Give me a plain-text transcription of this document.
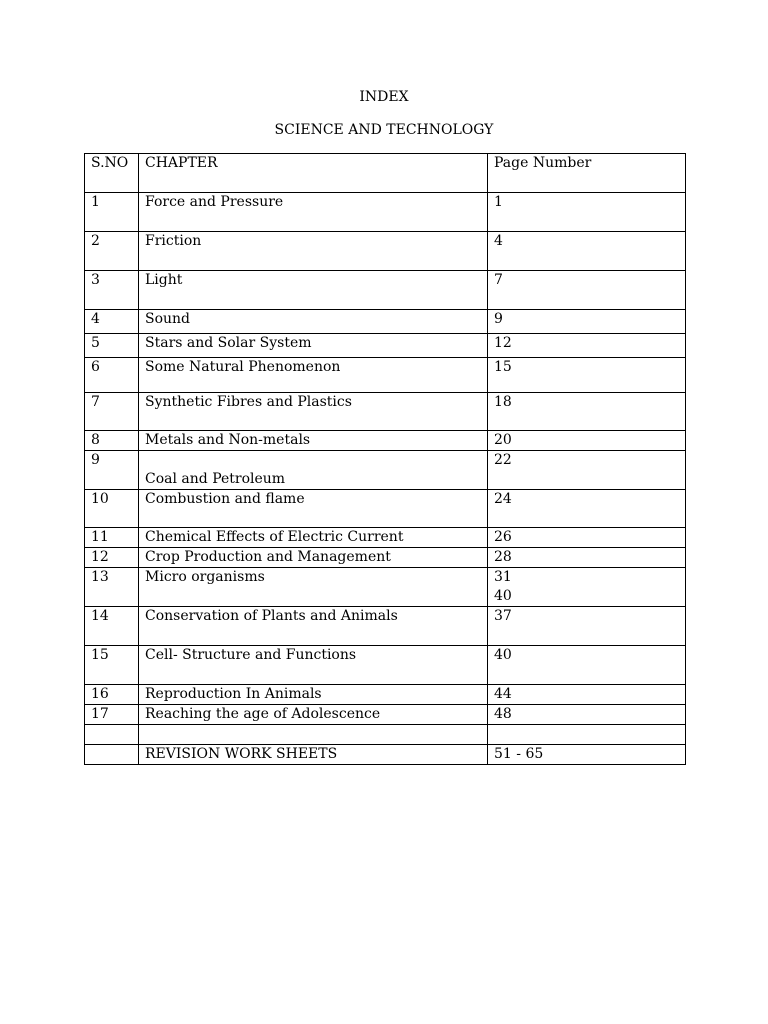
INDEX
SCIENCE AND TECHNOLOGY
S.NO	CHAPTER	Page Number
1	Force and Pressure	1
2	Friction	4
3	Light	7
4	Sound	9
5	Stars and Solar System	12
6	Some Natural Phenomenon	15
7	Synthetic Fibres and Plastics	18
8	Metals and Non-metals	20
9	Coal and Petroleum	22
10	Combustion and flame	24
11	Chemical Effects of Electric Current	26
12	Crop Production and Management	28
13	Micro organisms	31
40

14	Conservation of Plants and Animals	37
15	Cell- Structure and Functions	40
16	Reproduction In Animals	44
17	Reaching the age of Adolescence	48

	REVISION WORK SHEETS	51 - 65
